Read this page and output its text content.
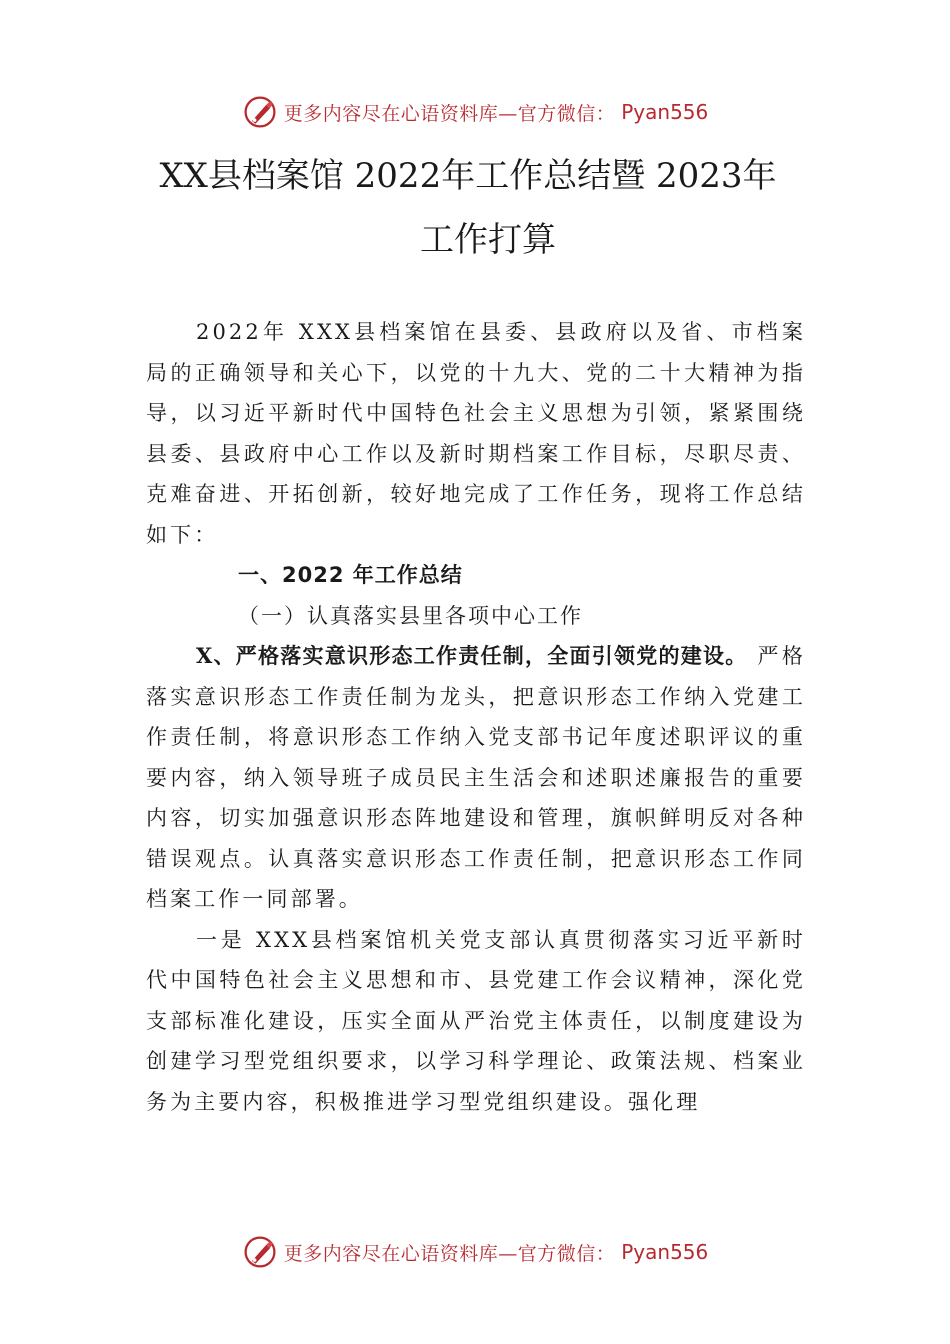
更多内容尽在心语资料库—官方微信： Pyan556
XX县档案馆 2022年工作总结暨 2023年
工作打算

2022年 XXX县档案馆在县委、县政府以及省、市档案局的正确领导和关心下，以党的十九大、党的二十大精神为指导，以习近平新时代中国特色社会主义思想为引领，紧紧围绕县委、县政府中心工作以及新时期档案工作目标，尽职尽责、克难奋进、开拓创新，较好地完成了工作任务，现将工作总结如下：

一、2022 年工作总结

（一）认真落实县里各项中心工作

X、严格落实意识形态工作责任制，全面引领党的建设。 严格落实意识形态工作责任制为龙头，把意识形态工作纳入党建工作责任制，将意识形态工作纳入党支部书记年度述职评议的重要内容，纳入领导班子成员民主生活会和述职述廉报告的重要内容，切实加强意识形态阵地建设和管理，旗帜鲜明反对各种错误观点。认真落实意识形态工作责任制，把意识形态工作同档案工作一同部署。

一是 XXX县档案馆机关党支部认真贯彻落实习近平新时代中国特色社会主义思想和市、县党建工作会议精神，深化党支部标准化建设，压实全面从严治党主体责任，以制度建设为创建学习型党组织要求，以学习科学理论、政策法规、档案业务为主要内容，积极推进学习型党组织建设。强化理

更多内容尽在心语资料库—官方微信： Pyan556
